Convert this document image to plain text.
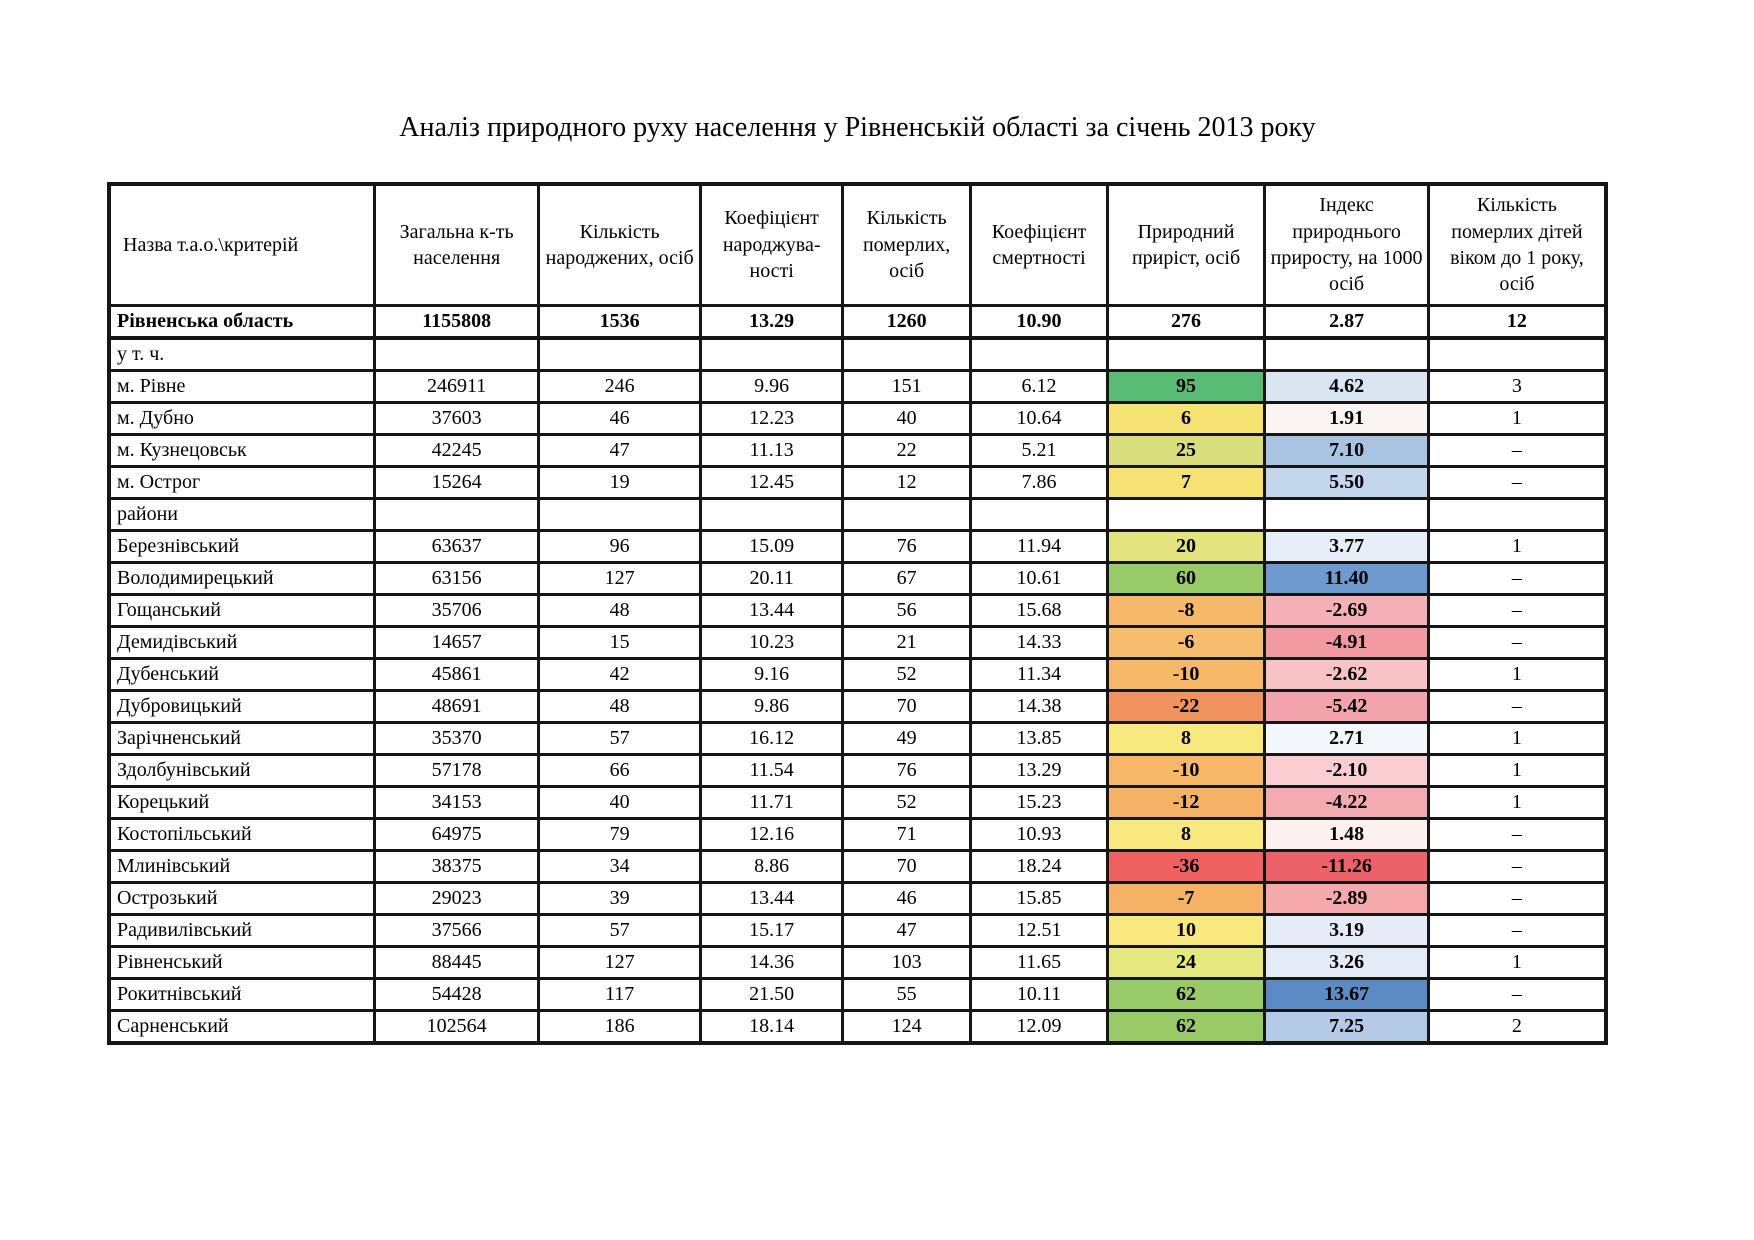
Аналіз природного руху населення у Рівненській області за січень 2013 року
Назва т.а.о.\критерій	Загальна к-ть населення	Кількість народжених, осіб	Коефіцієнт народжува-ності	Кількість померлих, осіб	Коефіцієнт смертності	Природний приріст, осіб	Індекс природнього приросту, на 1000 осіб	Кількість померлих дітей віком до 1 року, осіб
Рівненська область	1155808	1536	13.29	1260	10.90	276	2.87	12
у т. ч.								
м. Рівне	246911	246	9.96	151	6.12	95	4.62	3
м. Дубно	37603	46	12.23	40	10.64	6	1.91	1
м. Кузнецовськ	42245	47	11.13	22	5.21	25	7.10	–
м. Острог	15264	19	12.45	12	7.86	7	5.50	–
райони								
Березнівський	63637	96	15.09	76	11.94	20	3.77	1
Володимирецький	63156	127	20.11	67	10.61	60	11.40	–
Гощанський	35706	48	13.44	56	15.68	-8	-2.69	–
Демидівський	14657	15	10.23	21	14.33	-6	-4.91	–
Дубенський	45861	42	9.16	52	11.34	-10	-2.62	1
Дубровицький	48691	48	9.86	70	14.38	-22	-5.42	–
Зарічненський	35370	57	16.12	49	13.85	8	2.71	1
Здолбунівський	57178	66	11.54	76	13.29	-10	-2.10	1
Корецький	34153	40	11.71	52	15.23	-12	-4.22	1
Костопільський	64975	79	12.16	71	10.93	8	1.48	–
Млинівський	38375	34	8.86	70	18.24	-36	-11.26	–
Острозький	29023	39	13.44	46	15.85	-7	-2.89	–
Радивилівський	37566	57	15.17	47	12.51	10	3.19	–
Рівненський	88445	127	14.36	103	11.65	24	3.26	1
Рокитнівський	54428	117	21.50	55	10.11	62	13.67	–
Сарненський	102564	186	18.14	124	12.09	62	7.25	2
